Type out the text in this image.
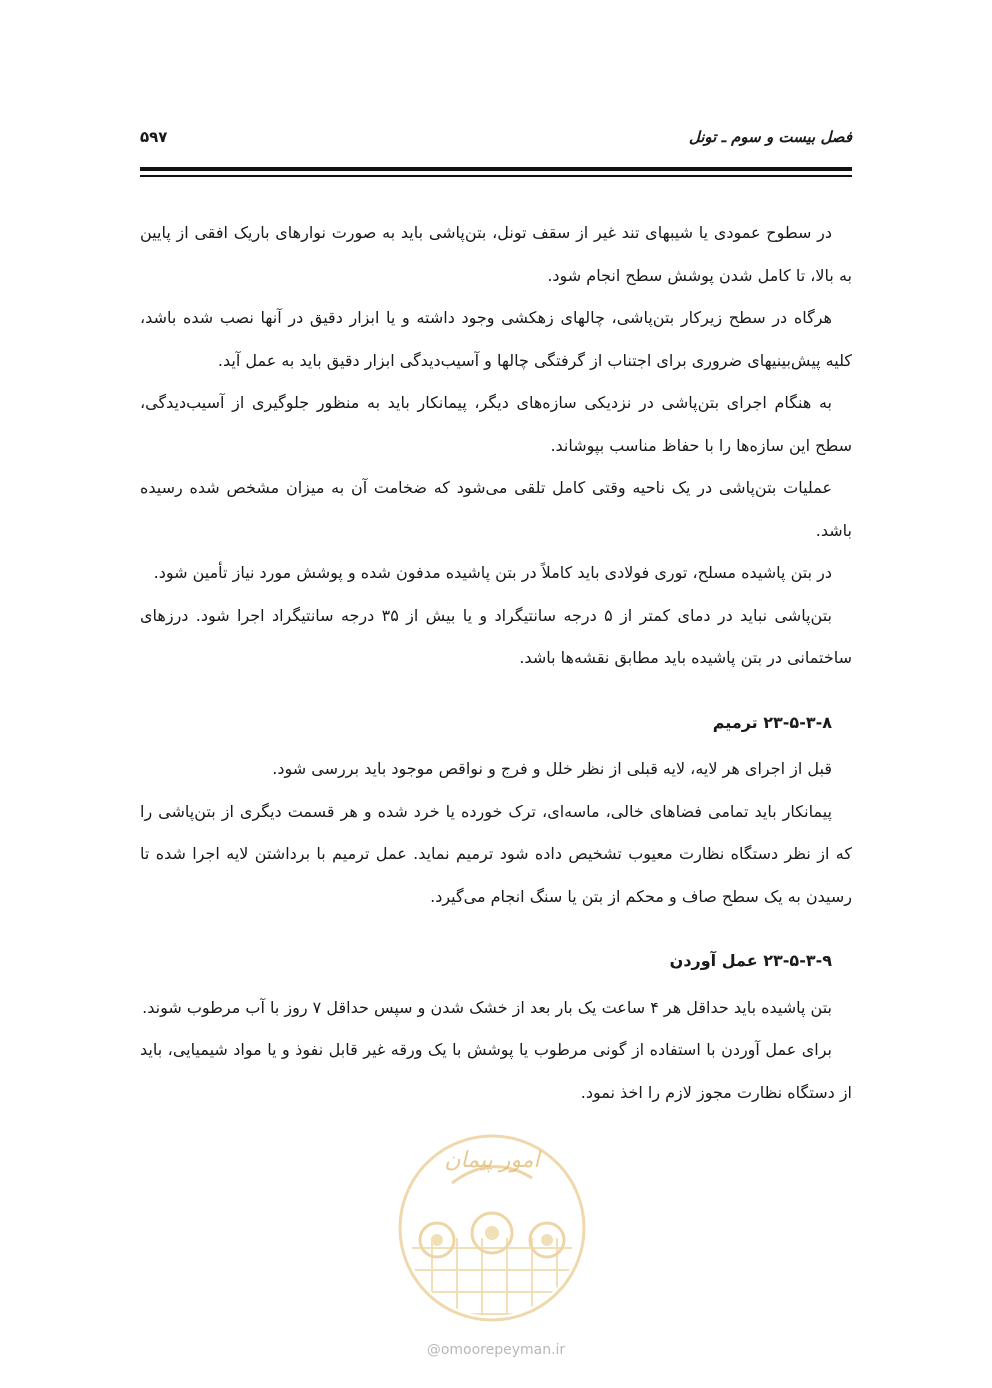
فصل بیست و سوم ـ تونل
۵۹۷

در سطوح عمودی یا شیبهای تند غیر از سقف تونل، بتن‌پاشی باید به صورت نوارهای باریک افقی از پایین به بالا، تا کامل شدن پوشش سطح انجام شود.

هرگاه در سطح زیرکار بتن‌پاشی، چالهای زهکشی وجود داشته و یا ابزار دقیق در آنها نصب شده باشد، کلیه پیش‌بینیهای ضروری برای اجتناب از گرفتگی چالها و آسیب‌دیدگی ابزار دقیق باید به عمل آید.

به هنگام اجرای بتن‌پاشی در نزدیکی سازه‌های دیگر، پیمانکار باید به منظور جلوگیری از آسیب‌دیدگی، سطح این سازه‌ها را با حفاظ مناسب بپوشاند.

عملیات بتن‌پاشی در یک ناحیه وقتی کامل تلقی می‌شود که ضخامت آن به میزان مشخص شده رسیده باشد.

در بتن پاشیده مسلح، توری فولادی باید کاملاً در بتن پاشیده مدفون شده و پوشش مورد نیاز تأمین شود.

بتن‌پاشی نباید در دمای کمتر از ۵ درجه سانتیگراد و یا بیش از ۳۵ درجه سانتیگراد اجرا شود. درزهای ساختمانی در بتن پاشیده باید مطابق نقشه‌ها باشد.

۲۳-۵-۳-۸ ترمیم

قبل از اجرای هر لایه، لایه قبلی از نظر خلل و فرج و نواقص موجود باید بررسی شود.

پیمانکار باید تمامی فضاهای خالی، ماسه‌ای، ترک خورده یا خرد شده و هر قسمت دیگری از بتن‌پاشی را که از نظر دستگاه نظارت معیوب تشخیص داده شود ترمیم نماید. عمل ترمیم با برداشتن لایه اجرا شده تا رسیدن به یک سطح صاف و محکم از بتن یا سنگ انجام می‌گیرد.

۲۳-۵-۳-۹ عمل آوردن

بتن پاشیده باید حداقل هر ۴ ساعت یک بار بعد از خشک شدن و سپس حداقل ۷ روز با آب مرطوب شوند.

برای عمل آوردن با استفاده از گونی مرطوب یا پوشش با یک ورقه غیر قابل نفوذ و یا مواد شیمیایی، باید از دستگاه نظارت مجوز لازم را اخذ نمود.

امور پیمان
@omoorepeyman.ir
